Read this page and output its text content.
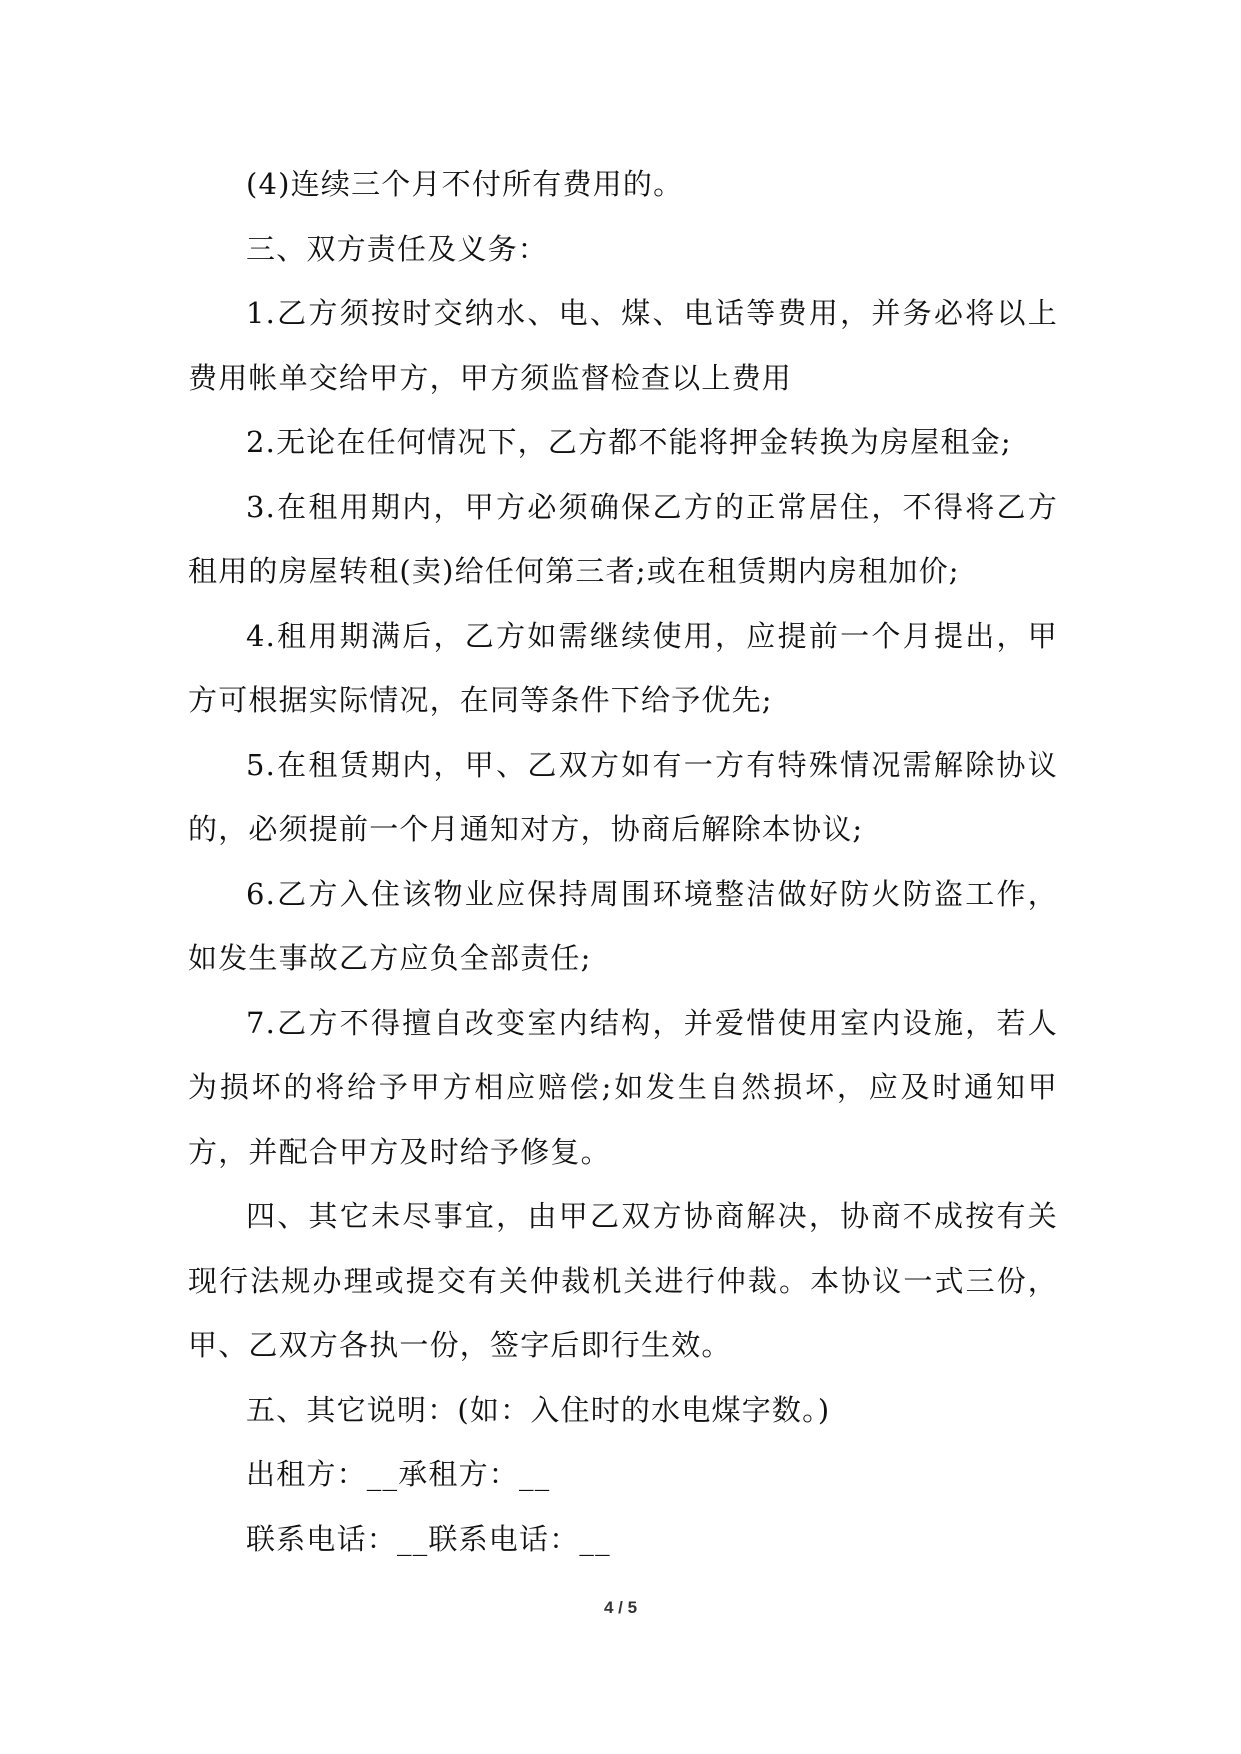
(4)连续三个月不付所有费用的。

三、双方责任及义务：

1.乙方须按时交纳水、电、煤、电话等费用，并务必将以上费用帐单交给甲方，甲方须监督检查以上费用

2.无论在任何情况下，乙方都不能将押金转换为房屋租金;

3.在租用期内，甲方必须确保乙方的正常居住，不得将乙方租用的房屋转租(卖)给任何第三者;或在租赁期内房租加价;

4.租用期满后，乙方如需继续使用，应提前一个月提出，甲方可根据实际情况，在同等条件下给予优先;

5.在租赁期内，甲、乙双方如有一方有特殊情况需解除协议的，必须提前一个月通知对方，协商后解除本协议;

6.乙方入住该物业应保持周围环境整洁做好防火防盗工作，如发生事故乙方应负全部责任;

7.乙方不得擅自改变室内结构，并爱惜使用室内设施，若人为损坏的将给予甲方相应赔偿;如发生自然损坏，应及时通知甲方，并配合甲方及时给予修复。

四、其它未尽事宜，由甲乙双方协商解决，协商不成按有关现行法规办理或提交有关仲裁机关进行仲裁。本协议一式三份，甲、乙双方各执一份，签字后即行生效。

五、其它说明：(如：入住时的水电煤字数。)

出租方：__承租方：__

联系电话：__联系电话：__

4 / 5
